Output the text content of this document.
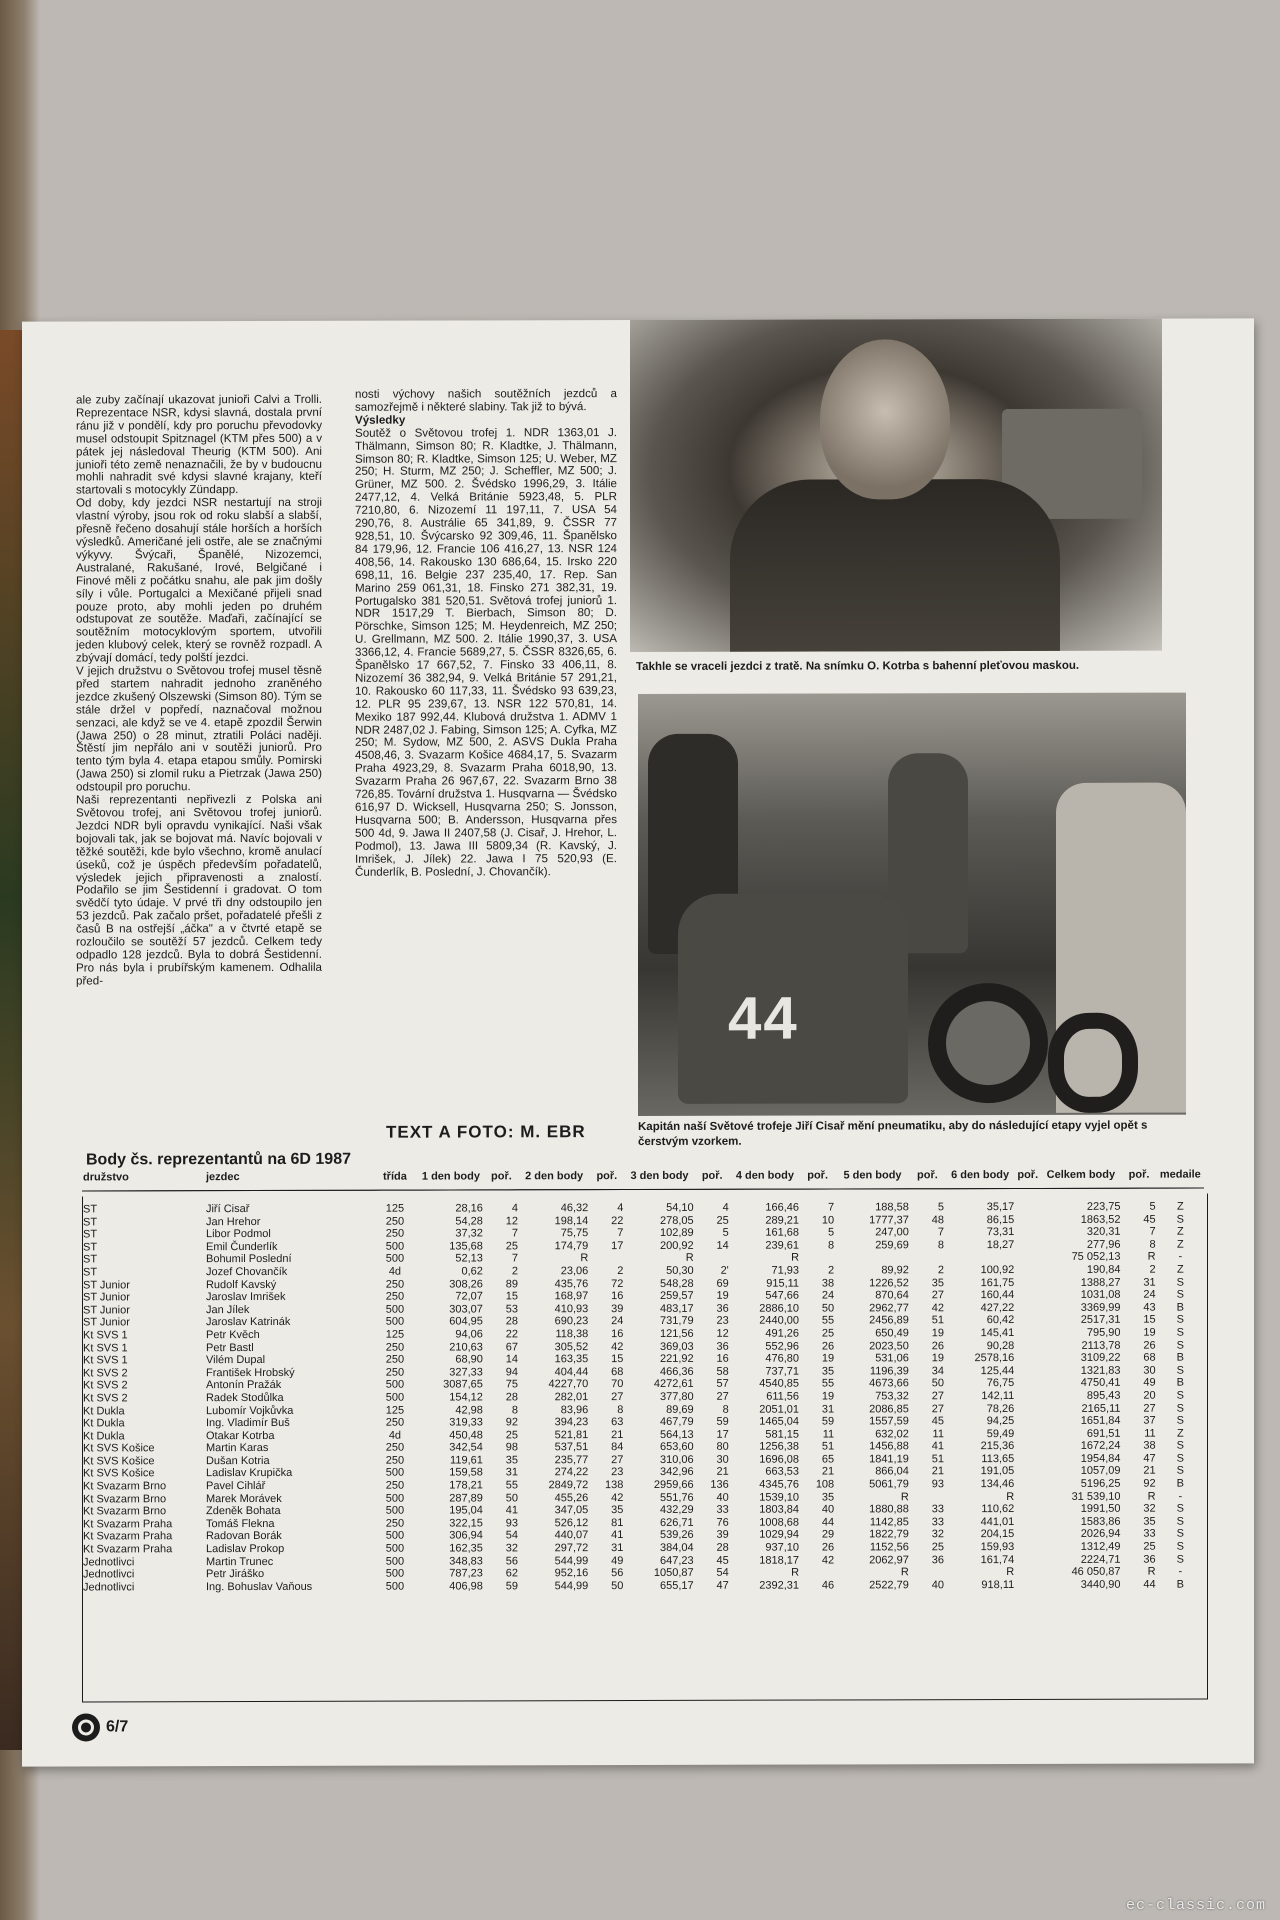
ale zuby začínají ukazovat junioři Calvi a Trolli. Reprezentace NSR, kdysi slavná, dostala první ránu již v pondělí, kdy pro poruchu převodovky musel odstoupit Spitznagel (KTM přes 500) a v pátek jej následoval Theurig (KTM 500). Ani junioři této země nenaznačili, že by v budoucnu mohli nahradit své kdysi slavné krajany, kteří startovali s motocykly Zündapp.

Od doby, kdy jezdci NSR nestartují na stroji vlastní výroby, jsou rok od roku slabší a slabší, přesně řečeno dosahují stále horších a horších výsledků. Američané jeli ostře, ale se značnými výkyvy. Švýcaři, Španělé, Nizozemci, Australané, Rakušané, Irové, Belgičané i Finové měli z počátku snahu, ale pak jim došly síly i vůle. Portugalci a Mexičané přijeli snad pouze proto, aby mohli jeden po druhém odstupovat ze soutěže. Maďaři, začínající se soutěžním motocyklovým sportem, utvořili jeden klubový celek, který se rovněž rozpadl. A zbývají domácí, tedy polští jezdci.

V jejich družstvu o Světovou trofej musel těsně před startem nahradit jednoho zraněného jezdce zkušený Olszewski (Simson 80). Tým se stále držel v popředí, naznačoval možnou senzaci, ale když se ve 4. etapě zpozdil Šerwin (Jawa 250) o 28 minut, ztratili Poláci naději. Štěstí jim nepřálo ani v soutěži juniorů. Pro tento tým byla 4. etapa etapou smůly. Pomirski (Jawa 250) si zlomil ruku a Pietrzak (Jawa 250) odstoupil pro poruchu.

Naši reprezentanti nepřivezli z Polska ani Světovou trofej, ani Světovou trofej juniorů. Jezdci NDR byli opravdu vynikající. Naši však bojovali tak, jak se bojovat má. Navíc bojovali v těžké soutěži, kde bylo všechno, kromě anulací úseků, což je úspěch především pořadatelů, výsledek jejich připravenosti a znalostí. Podařilo se jim Šestidenní i gradovat. O tom svědčí tyto údaje. V prvé tři dny odstoupilo jen 53 jezdců. Pak začalo pršet, pořadatelé přešli z časů B na ostřejší „áčka" a v čtvrté etapě se rozloučilo se soutěží 57 jezdců. Celkem tedy odpadlo 128 jezdců. Byla to dobrá Šestidenní. Pro nás byla i prubířským kamenem. Odhalila před-

nosti výchovy našich soutěžních jezdců a samozřejmě i některé slabiny. Tak již to bývá.

Výsledky

Soutěž o Světovou trofej 1. NDR 1363,01 J. Thälmann, Simson 80; R. Kladtke, J. Thälmann, Simson 80; R. Kladtke, Simson 125; U. Weber, MZ 250; H. Sturm, MZ 250; J. Scheffler, MZ 500; J. Grüner, MZ 500. 2. Švédsko 1996,29, 3. Itálie 2477,12, 4. Velká Británie 5923,48, 5. PLR 7210,80, 6. Nizozemí 11 197,11, 7. USA 54 290,76, 8. Austrálie 65 341,89, 9. ČSSR 77 928,51, 10. Švýcarsko 92 309,46, 11. Španělsko 84 179,96, 12. Francie 106 416,27, 13. NSR 124 408,56, 14. Rakousko 130 686,64, 15. Irsko 220 698,11, 16. Belgie 237 235,40, 17. Rep. San Marino 259 061,31, 18. Finsko 271 382,31, 19. Portugalsko 381 520,51. Světová trofej juniorů 1. NDR 1517,29 T. Bierbach, Simson 80; D. Pörschke, Simson 125; M. Heydenreich, MZ 250; U. Grellmann, MZ 500. 2. Itálie 1990,37, 3. USA 3366,12, 4. Francie 5689,27, 5. ČSSR 8326,65, 6. Španělsko 17 667,52, 7. Finsko 33 406,11, 8. Nizozemí 36 382,94, 9. Velká Británie 57 291,21, 10. Rakousko 60 117,33, 11. Švédsko 93 639,23, 12. PLR 95 239,67, 13. NSR 122 570,81, 14. Mexiko 187 992,44. Klubová družstva 1. ADMV 1 NDR 2487,02 J. Fabing, Simson 125; A. Cyfka, MZ 250; M. Sydow, MZ 500, 2. ASVS Dukla Praha 4508,46, 3. Svazarm Košice 4684,17, 5. Svazarm Praha 4923,29, 8. Svazarm Praha 6018,90, 13. Svazarm Praha 26 967,67, 22. Svazarm Brno 38 726,85. Tovární družstva 1. Husqvarna — Švédsko 616,97 D. Wicksell, Husqvarna 250; S. Jonsson, Husqvarna 500; B. Andersson, Husqvarna přes 500 4d, 9. Jawa II 2407,58 (J. Cisař, J. Hrehor, L. Podmol), 13. Jawa III 5809,34 (R. Kavský, J. Imrišek, J. Jílek) 22. Jawa I 75 520,93 (E. Čunderlík, B. Poslední, J. Chovančík).

Takhle se vraceli jezdci z tratě. Na snímku O. Kotrba s bahenní pleťovou maskou.
44
Kapitán naší Světové trofeje Jiří Cisař mění pneumatiku, aby do následující etapy vyjel opět s čerstvým vzorkem.
TEXT A FOTO: M. EBR
Body čs. reprezentantů na 6D 1987
družstvo	jezdec	třída	1 den body	poř.	2 den body	poř.	3 den body	poř.	4 den body	poř.	5 den body	poř.	6 den body	poř.	Celkem body	poř.	medaile
ST	Jiří Cisař	125	28,16	4	46,32	4	54,10	4	166,46	7	188,58	5	35,17		223,75	5	Z
ST	Jan Hrehor	250	54,28	12	198,14	22	278,05	25	289,21	10	1777,37	48	86,15		1863,52	45	S
ST	Libor Podmol	250	37,32	7	75,75	7	102,89	5	161,68	5	247,00	7	73,31		320,31	7	Z
ST	Emil Čunderlík	500	135,68	25	174,79	17	200,92	14	239,61	8	259,69	8	18,27		277,96	8	Z
ST	Bohumil Poslední	500	52,13	7	R		R		R						75 052,13	R	-
ST	Jozef Chovančík	4d	0,62	2	23,06	2	50,30	2'	71,93	2	89,92	2	100,92		190,84	2	Z
ST Junior	Rudolf Kavský	250	308,26	89	435,76	72	548,28	69	915,11	38	1226,52	35	161,75		1388,27	31	S
ST Junior	Jaroslav Imrišek	250	72,07	15	168,97	16	259,57	19	547,66	24	870,64	27	160,44		1031,08	24	S
ST Junior	Jan Jílek	500	303,07	53	410,93	39	483,17	36	2886,10	50	2962,77	42	427,22		3369,99	43	B
ST Junior	Jaroslav Katrinák	500	604,95	28	690,23	24	731,79	23	2440,00	55	2456,89	51	60,42		2517,31	15	S
Kt SVS 1	Petr Kvěch	125	94,06	22	118,38	16	121,56	12	491,26	25	650,49	19	145,41		795,90	19	S
Kt SVS 1	Petr Bastl	250	210,63	67	305,52	42	369,03	36	552,96	26	2023,50	26	90,28		2113,78	26	S
Kt SVS 1	Vilém Dupal	250	68,90	14	163,35	15	221,92	16	476,80	19	531,06	19	2578,16		3109,22	68	B
Kt SVS 2	František Hrobský	250	327,33	94	404,44	68	466,36	58	737,71	35	1196,39	34	125,44		1321,83	30	S
Kt SVS 2	Antonín Pražák	500	3087,65	75	4227,70	70	4272,61	57	4540,85	55	4673,66	50	76,75		4750,41	49	B
Kt SVS 2	Radek Stodůlka	500	154,12	28	282,01	27	377,80	27	611,56	19	753,32	27	142,11		895,43	20	S
Kt Dukla	Lubomír Vojkůvka	125	42,98	8	83,96	8	89,69	8	2051,01	31	2086,85	27	78,26		2165,11	27	S
Kt Dukla	Ing. Vladimír Buš	250	319,33	92	394,23	63	467,79	59	1465,04	59	1557,59	45	94,25		1651,84	37	S
Kt Dukla	Otakar Kotrba	4d	450,48	25	521,81	21	564,13	17	581,15	11	632,02	11	59,49		691,51	11	Z
Kt SVS Košice	Martin Karas	250	342,54	98	537,51	84	653,60	80	1256,38	51	1456,88	41	215,36		1672,24	38	S
Kt SVS Košice	Dušan Kotria	250	119,61	35	235,77	27	310,06	30	1696,08	65	1841,19	51	113,65		1954,84	47	S
Kt SVS Košice	Ladislav Krupička	500	159,58	31	274,22	23	342,96	21	663,53	21	866,04	21	191,05		1057,09	21	S
Kt Svazarm Brno	Pavel Cihlář	250	178,21	55	2849,72	138	2959,66	136	4345,76	108	5061,79	93	134,46		5196,25	92	B
Kt Svazarm Brno	Marek Morávek	500	287,89	50	455,26	42	551,76	40	1539,10	35	R		R		31 539,10	R	-
Kt Svazarm Brno	Zdeněk Bohata	500	195,04	41	347,05	35	432,29	33	1803,84	40	1880,88	33	110,62		1991,50	32	S
Kt Svazarm Praha	Tomáš Flekna	250	322,15	93	526,12	81	626,71	76	1008,68	44	1142,85	33	441,01		1583,86	35	S
Kt Svazarm Praha	Radovan Borák	500	306,94	54	440,07	41	539,26	39	1029,94	29	1822,79	32	204,15		2026,94	33	S
Kt Svazarm Praha	Ladislav Prokop	500	162,35	32	297,72	31	384,04	28	937,10	26	1152,56	25	159,93		1312,49	25	S
Jednotlivci	Martin Trunec	500	348,83	56	544,99	49	647,23	45	1818,17	42	2062,97	36	161,74		2224,71	36	S
Jednotlivci	Petr Jiráško	500	787,23	62	952,16	56	1050,87	54	R		R		R		46 050,87	R	-
Jednotlivci	Ing. Bohuslav Vaňous	500	406,98	59	544,99	50	655,17	47	2392,31	46	2522,79	40	918,11		3440,90	44	B
6/7
ec-classic.com
